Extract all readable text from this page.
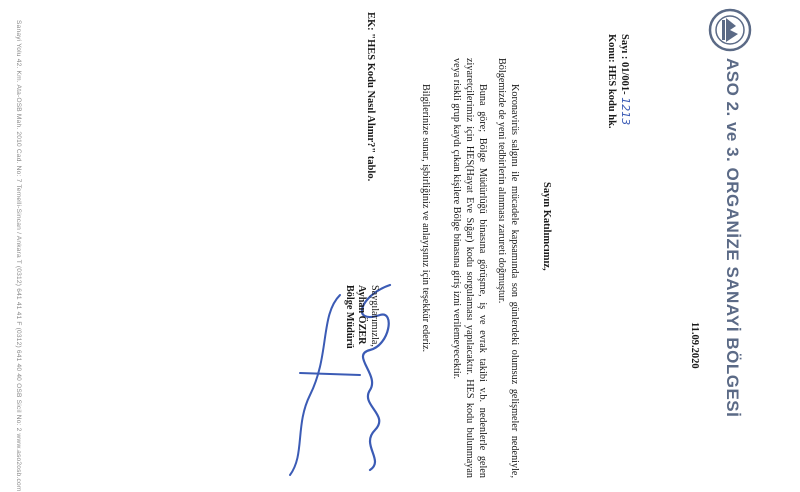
ASO 2. ve 3. ORGANİZE SANAYİ BÖLGESİ
11.09.2020
Sayı : 01/001- 1213
Konu: HES kodu hk.
Sayın Katılımcımız,
Koronavirüs salgını ile mücadele kapsamında son günlerdeki olumsuz gelişmeler nedeniyle, Bölgemizde de yeni tedbirlerin alınması zarureti doğmuştur.
Buna göre; Bölge Müdürlüğü binasına görüşme, iş ve evrak takibi v.b. nedenlerle gelen ziyaretçilerimiz için HES(Hayat Eve Sığar) kodu sorgulaması yapılacaktır. HES kodu bulunmayan veya riskli grup kaydı çıkan kişilere Bölge binasına giriş izni verilemeyecektir.
Bilgilerinize sunar, işbirliğiniz ve anlayışınız için teşekkür ederiz.
Saygılarımızla,
Ayhan ÖZER
Bölge Müdürü
EK: "HES Kodu Nasıl Alınır?" tablo.
Sanayi Yolu 42. Km. Ata-OSB Mah. 2010 Cad. No: 7 Temelli-Sincan / Ankara T (0312) 641 41 41 F (0312) 641 40 40 OSB Sicil No: 2 www.aso2osb.com
